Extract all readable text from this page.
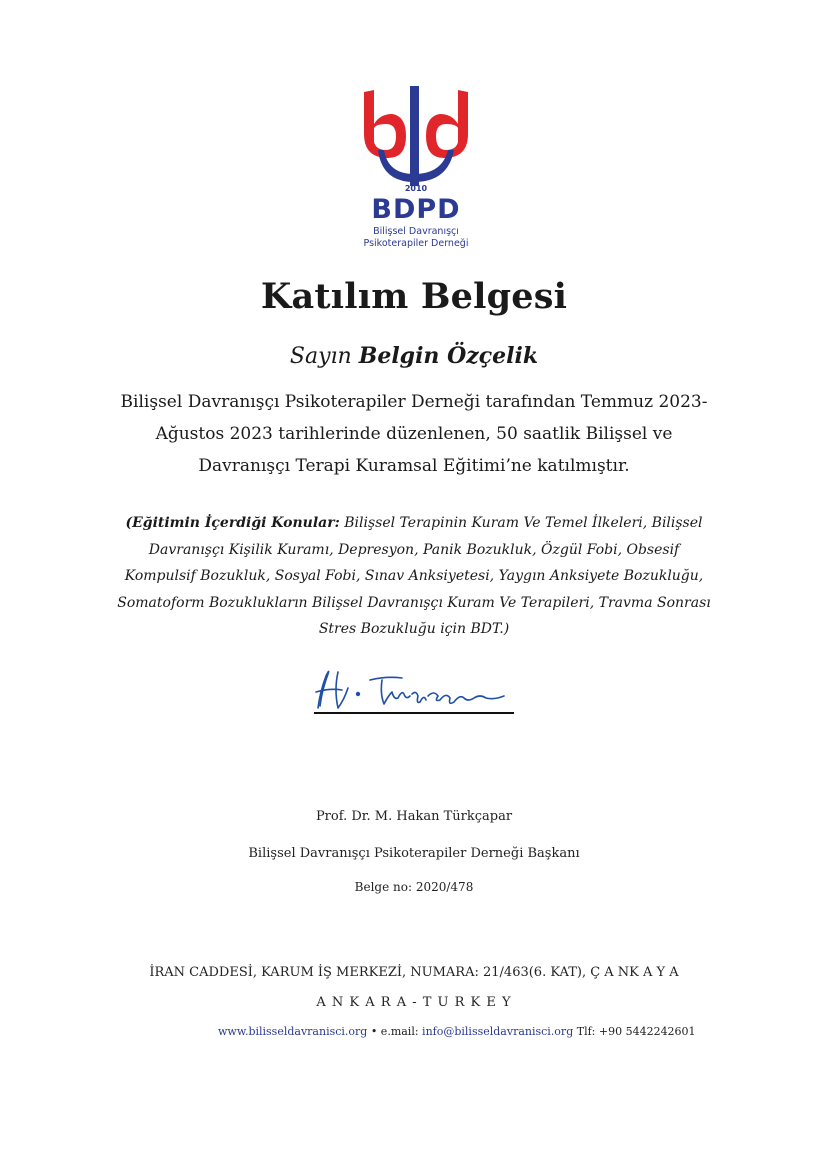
2010
BDPD
Bilişsel Davranışçı
Psikoterapiler Derneği
Katılım Belgesi
Sayın Belgin Özçelik
Bilişsel Davranışçı Psikoterapiler Derneği tarafından Temmuz 2023-Ağustos 2023 tarihlerinde düzenlenen, 50 saatlik Bilişsel ve Davranışçı Terapi Kuramsal Eğitimi’ne katılmıştır.
(Eğitimin İçerdiği Konular: Bilişsel Terapinin Kuram Ve Temel İlkeleri, Bilişsel Davranışçı Kişilik Kuramı, Depresyon, Panik Bozukluk, Özgül Fobi, Obsesif Kompulsif Bozukluk, Sosyal Fobi, Sınav Anksiyetesi, Yaygın Anksiyete Bozukluğu, Somatoform Bozuklukların Bilişsel Davranışçı Kuram Ve Terapileri, Travma Sonrası Stres Bozukluğu için BDT.)
Prof. Dr. M. Hakan Türkçapar
Bilişsel Davranışçı Psikoterapiler Derneği Başkanı
Belge no: 2020/478
İRAN CADDESİ, KARUM İŞ MERKEZİ, NUMARA: 21/463(6. KAT), Ç A NK A Y A
A N K A R A - T U R K E Y
www.bilisseldavranisci.org • e.mail: info@bilisseldavranisci.org Tlf: +90 5442242601
